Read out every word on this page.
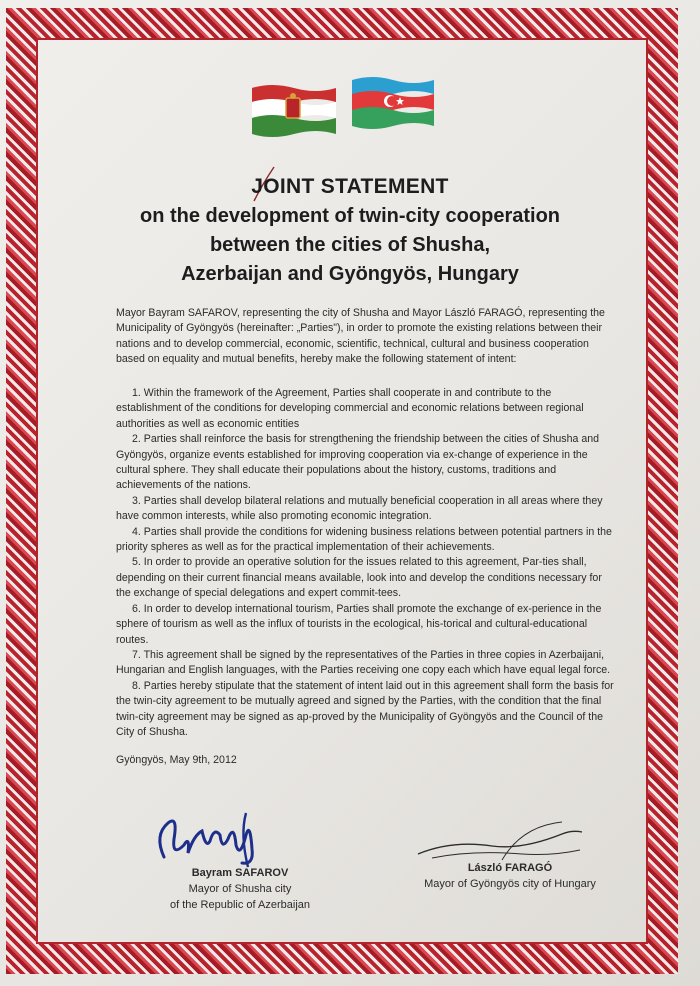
JOINT STATEMENT
on the development of twin-city cooperation
between the cities of Shusha,
Azerbaijan and Gyöngyös, Hungary

Mayor Bayram SAFAROV, representing the city of Shusha and Mayor László FARAGÓ, representing the Municipality of Gyöngyös (hereinafter: „Parties"), in order to promote the existing relations between their nations and to develop commercial, economic, scientific, technical, cultural and business cooperation based on equality and mutual benefits, hereby make the following statement of intent:

1. Within the framework of the Agreement, Parties shall cooperate in and contribute to the establishment of the conditions for developing commercial and economic relations between regional authorities as well as economic entities

2. Parties shall reinforce the basis for strengthening the friendship between the cities of Shusha and Gyöngyös, organize events established for improving cooperation via ex-change of experience in the cultural sphere. They shall educate their populations about the history, customs, traditions and achievements of the nations.

3. Parties shall develop bilateral relations and mutually beneficial cooperation in all areas where they have common interests, while also promoting economic integration.

4. Parties shall provide the conditions for widening business relations between potential partners in the priority spheres as well as for the practical implementation of their achievements.

5. In order to provide an operative solution for the issues related to this agreement, Par-ties shall, depending on their current financial means available, look into and develop the conditions necessary for the exchange of special delegations and expert commit-tees.

6. In order to develop international tourism, Parties shall promote the exchange of ex-perience in the sphere of tourism as well as the influx of tourists in the ecological, his-torical and cultural-educational routes.

7. This agreement shall be signed by the representatives of the Parties in three copies in Azerbaijani, Hungarian and English languages, with the Parties receiving one copy each which have equal legal force.

8. Parties hereby stipulate that the statement of intent laid out in this agreement shall form the basis for the twin-city agreement to be mutually agreed and signed by the Parties, with the condition that the final twin-city agreement may be signed as ap-proved by the Municipality of Gyöngyös and the Council of the City of Shusha.

Gyöngyös, May 9th, 2012
Bayram SAFAROV
Mayor of Shusha city
of the Republic of Azerbaijan
László FARAGÓ
Mayor of Gyöngyös city of Hungary
